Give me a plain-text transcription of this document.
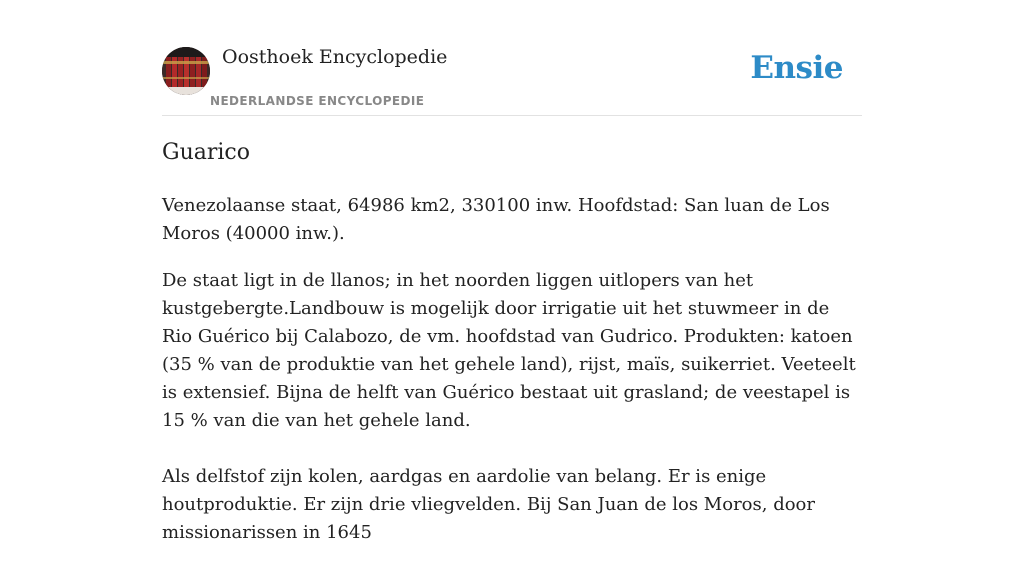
Oosthoek Encyclopedie
NEDERLANDSE ENCYCLOPEDIE
Ensie
Guarico

Venezolaanse staat, 64986 km2, 330100 inw. Hoofdstad: San luan de Los Moros (40000 inw.).

De staat ligt in de llanos; in het noorden liggen uitlopers van het kustgebergte.Landbouw is mogelijk door irrigatie uit het stuwmeer in de Rio Guérico bij Calabozo, de vm. hoofdstad van Gudrico. Produkten: katoen (35 % van de produktie van het gehele land), rijst, maïs, suikerriet. Veeteelt is extensief. Bijna de helft van Guérico bestaat uit grasland; de veestapel is 15 % van die van het gehele land.

Als delfstof zijn kolen, aardgas en aardolie van belang. Er is enige houtproduktie. Er zijn drie vliegvelden. Bij San Juan de los Moros, door missionarissen in 1645
